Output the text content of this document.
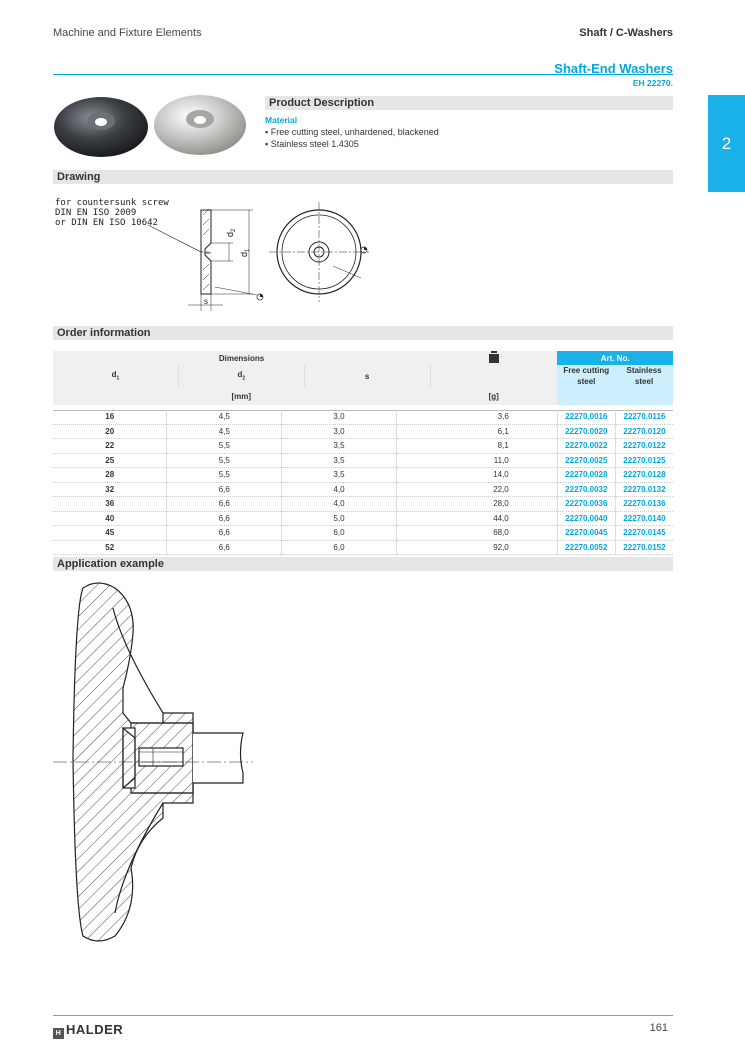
Machine and Fixture Elements	Shaft / C-Washers
Shaft-End Washers
EH 22270.
2
Product Description
Material
▪ Free cutting steel, unhardened, blackened
▪ Stainless steel 1.4305
Drawing
for countersunk screw
DIN EN ISO 2009
or DIN EN ISO 10642
$d_2$
$d_1$
s
Order information
Dimensions				Art. No.	
$d_1$	$d_2$	s		Free cutting
steel	Stainless
steel
	[mm]		[g]		

16	4,5	3,0	3,6	22270.0016	22270.0116
20	4,5	3,0	6,1	22270.0020	22270.0120
22	5,5	3,5	8,1	22270.0022	22270.0122
25	5,5	3,5	11,0	22270.0025	22270.0125
28	5,5	3,5	14,0	22270.0028	22270.0128
32	6,6	4,0	22,0	22270.0032	22270.0132
36	6,6	4,0	28,0	22270.0036	22270.0136
40	6,6	5,0	44,0	22270.0040	22270.0140
45	6,6	6,0	68,0	22270.0045	22270.0145
52	6,6	6,0	92,0	22270.0052	22270.0152
Application example
H HALDER	161
